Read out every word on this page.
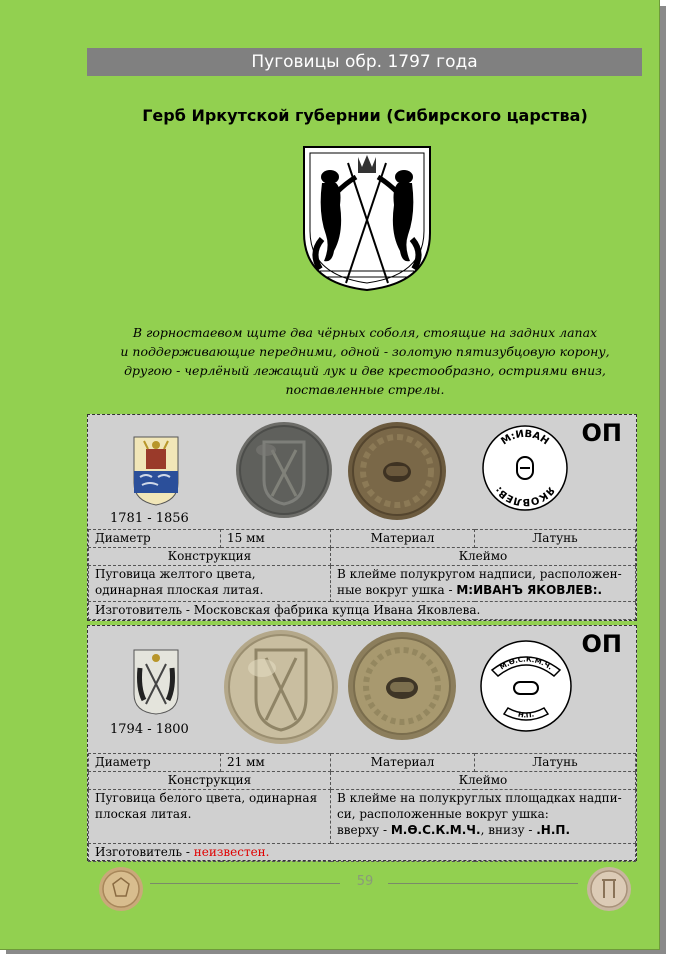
Пуговицы обр. 1797 года
Герб Иркутской губернии (Сибирского царства)
В горностаевом щите два чёрных соболя, стоящие на задних лапах
и поддерживающие передними, одной - золотую пятизубцовую корону,
другою - черлёный лежащий лук и две крестообразно, остриями вниз,
поставленные стрелы.
ОП
1781 - 1856
М:ИВАН
ЯКОВЛЕВ:
Диаметр	15 мм	Материал	Латунь
Конструкция		Клеймо	
Пуговица желтого цвета, одинарная плоская литая.		В клейме полукругом надписи, расположен-ные вокруг ушка - М:ИВАНЪ ЯКОВЛЕВ:.	
Изготовитель - Московская фабрика купца Ивана Яковлева.			
ОП
1794 - 1800
М.Ѳ.С.К.М.Ч.
Н.П.
Диаметр	21 мм	Материал	Латунь
Конструкция		Клеймо	
Пуговица белого цвета, одинарная плоская литая.		В клейме на полукруглых площадках надпи-си, расположенные вокруг ушка:
вверху - М.Ѳ.С.К.М.Ч., внизу - .Н.П.	

Изготовитель - неизвестен.			
59
